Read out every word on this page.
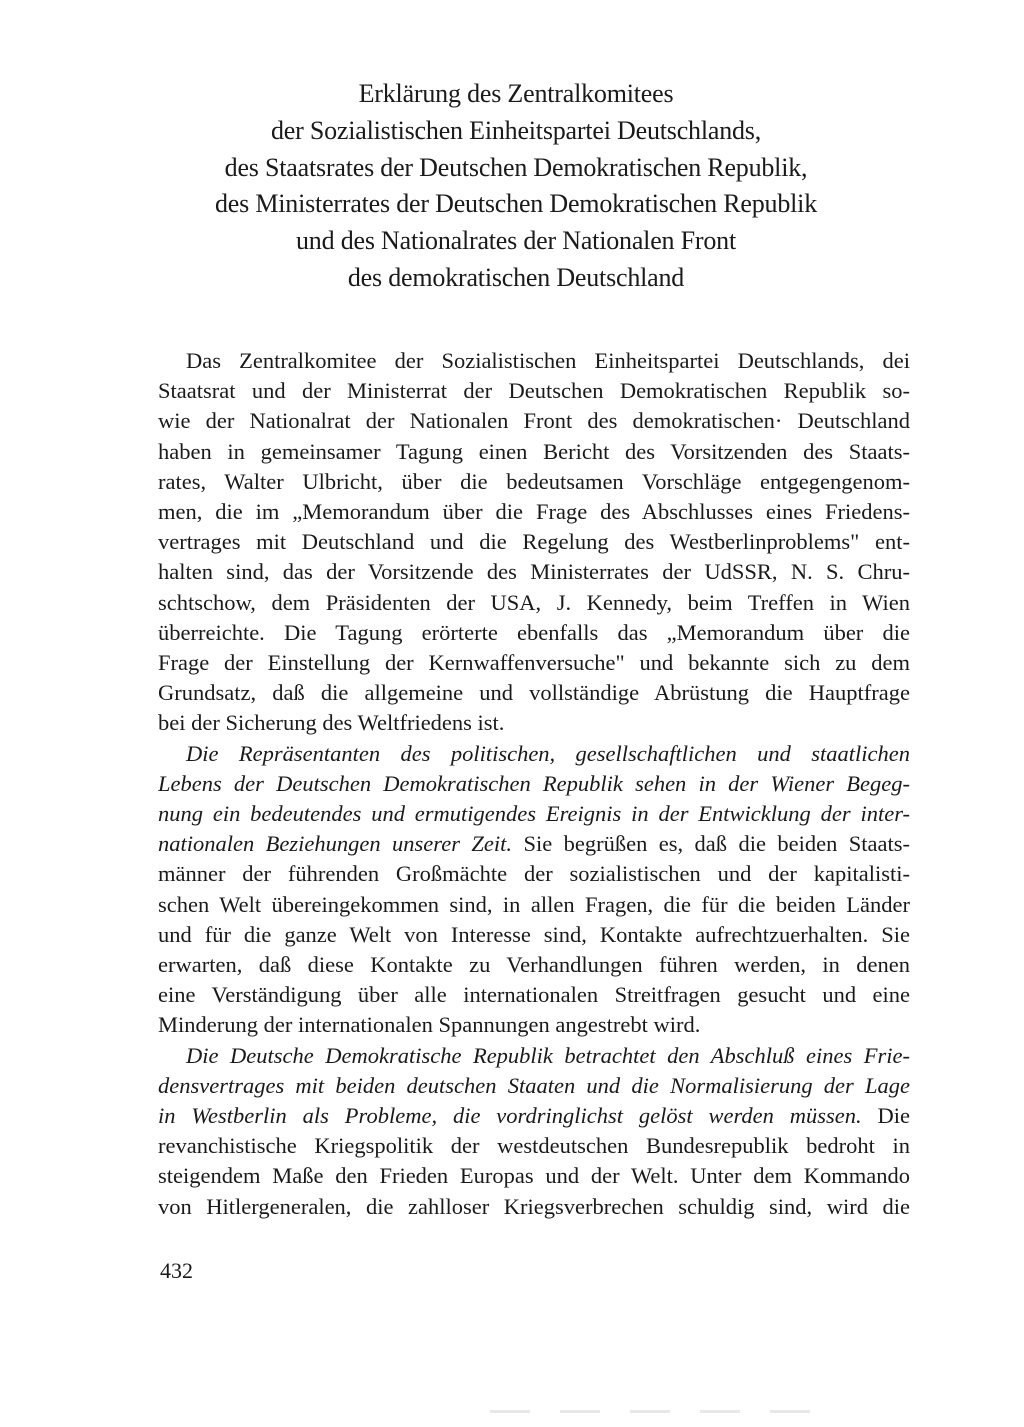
Erklärung des Zentralkomitees
der Sozialistischen Einheitspartei Deutschlands,
des Staatsrates der Deutschen Demokratischen Republik,
des Ministerrates der Deutschen Demokratischen Republik
und des Nationalrates der Nationalen Front
des demokratischen Deutschland
Das Zentralkomitee der Sozialistischen Einheitspartei Deutschlands, dei
Staatsrat und der Ministerrat der Deutschen Demokratischen Republik so-
wie der Nationalrat der Nationalen Front des demokratischen· Deutschland
haben in gemeinsamer Tagung einen Bericht des Vorsitzenden des Staats-
rates, Walter Ulbricht, über die bedeutsamen Vorschläge entgegengenom-
men, die im „Memorandum über die Frage des Abschlusses eines Friedens-
vertrages mit Deutschland und die Regelung des Westberlinproblems" ent-
halten sind, das der Vorsitzende des Ministerrates der UdSSR, N. S. Chru-
schtschow, dem Präsidenten der USA, J. Kennedy, beim Treffen in Wien
überreichte. Die Tagung erörterte ebenfalls das „Memorandum über die
Frage der Einstellung der Kernwaffenversuche" und bekannte sich zu dem
Grundsatz, daß die allgemeine und vollständige Abrüstung die Hauptfrage
bei der Sicherung des Weltfriedens ist.
Die Repräsentanten des politischen, gesellschaftlichen und staatlichen
Lebens der Deutschen Demokratischen Republik sehen in der Wiener Begeg-
nung ein bedeutendes und ermutigendes Ereignis in der Entwicklung der inter-
nationalen Beziehungen unserer Zeit. Sie begrüßen es, daß die beiden Staats-
männer der führenden Großmächte der sozialistischen und der kapitalisti-
schen Welt übereingekommen sind, in allen Fragen, die für die beiden Länder
und für die ganze Welt von Interesse sind, Kontakte aufrechtzuerhalten. Sie
erwarten, daß diese Kontakte zu Verhandlungen führen werden, in denen
eine Verständigung über alle internationalen Streitfragen gesucht und eine
Minderung der internationalen Spannungen angestrebt wird.
Die Deutsche Demokratische Republik betrachtet den Abschluß eines Frie-
densvertrages mit beiden deutschen Staaten und die Normalisierung der Lage
in Westberlin als Probleme, die vordringlichst gelöst werden müssen. Die
revanchistische Kriegspolitik der westdeutschen Bundesrepublik bedroht in
steigendem Maße den Frieden Europas und der Welt. Unter dem Kommando
von Hitlergeneralen, die zahlloser Kriegsverbrechen schuldig sind, wird die
432
